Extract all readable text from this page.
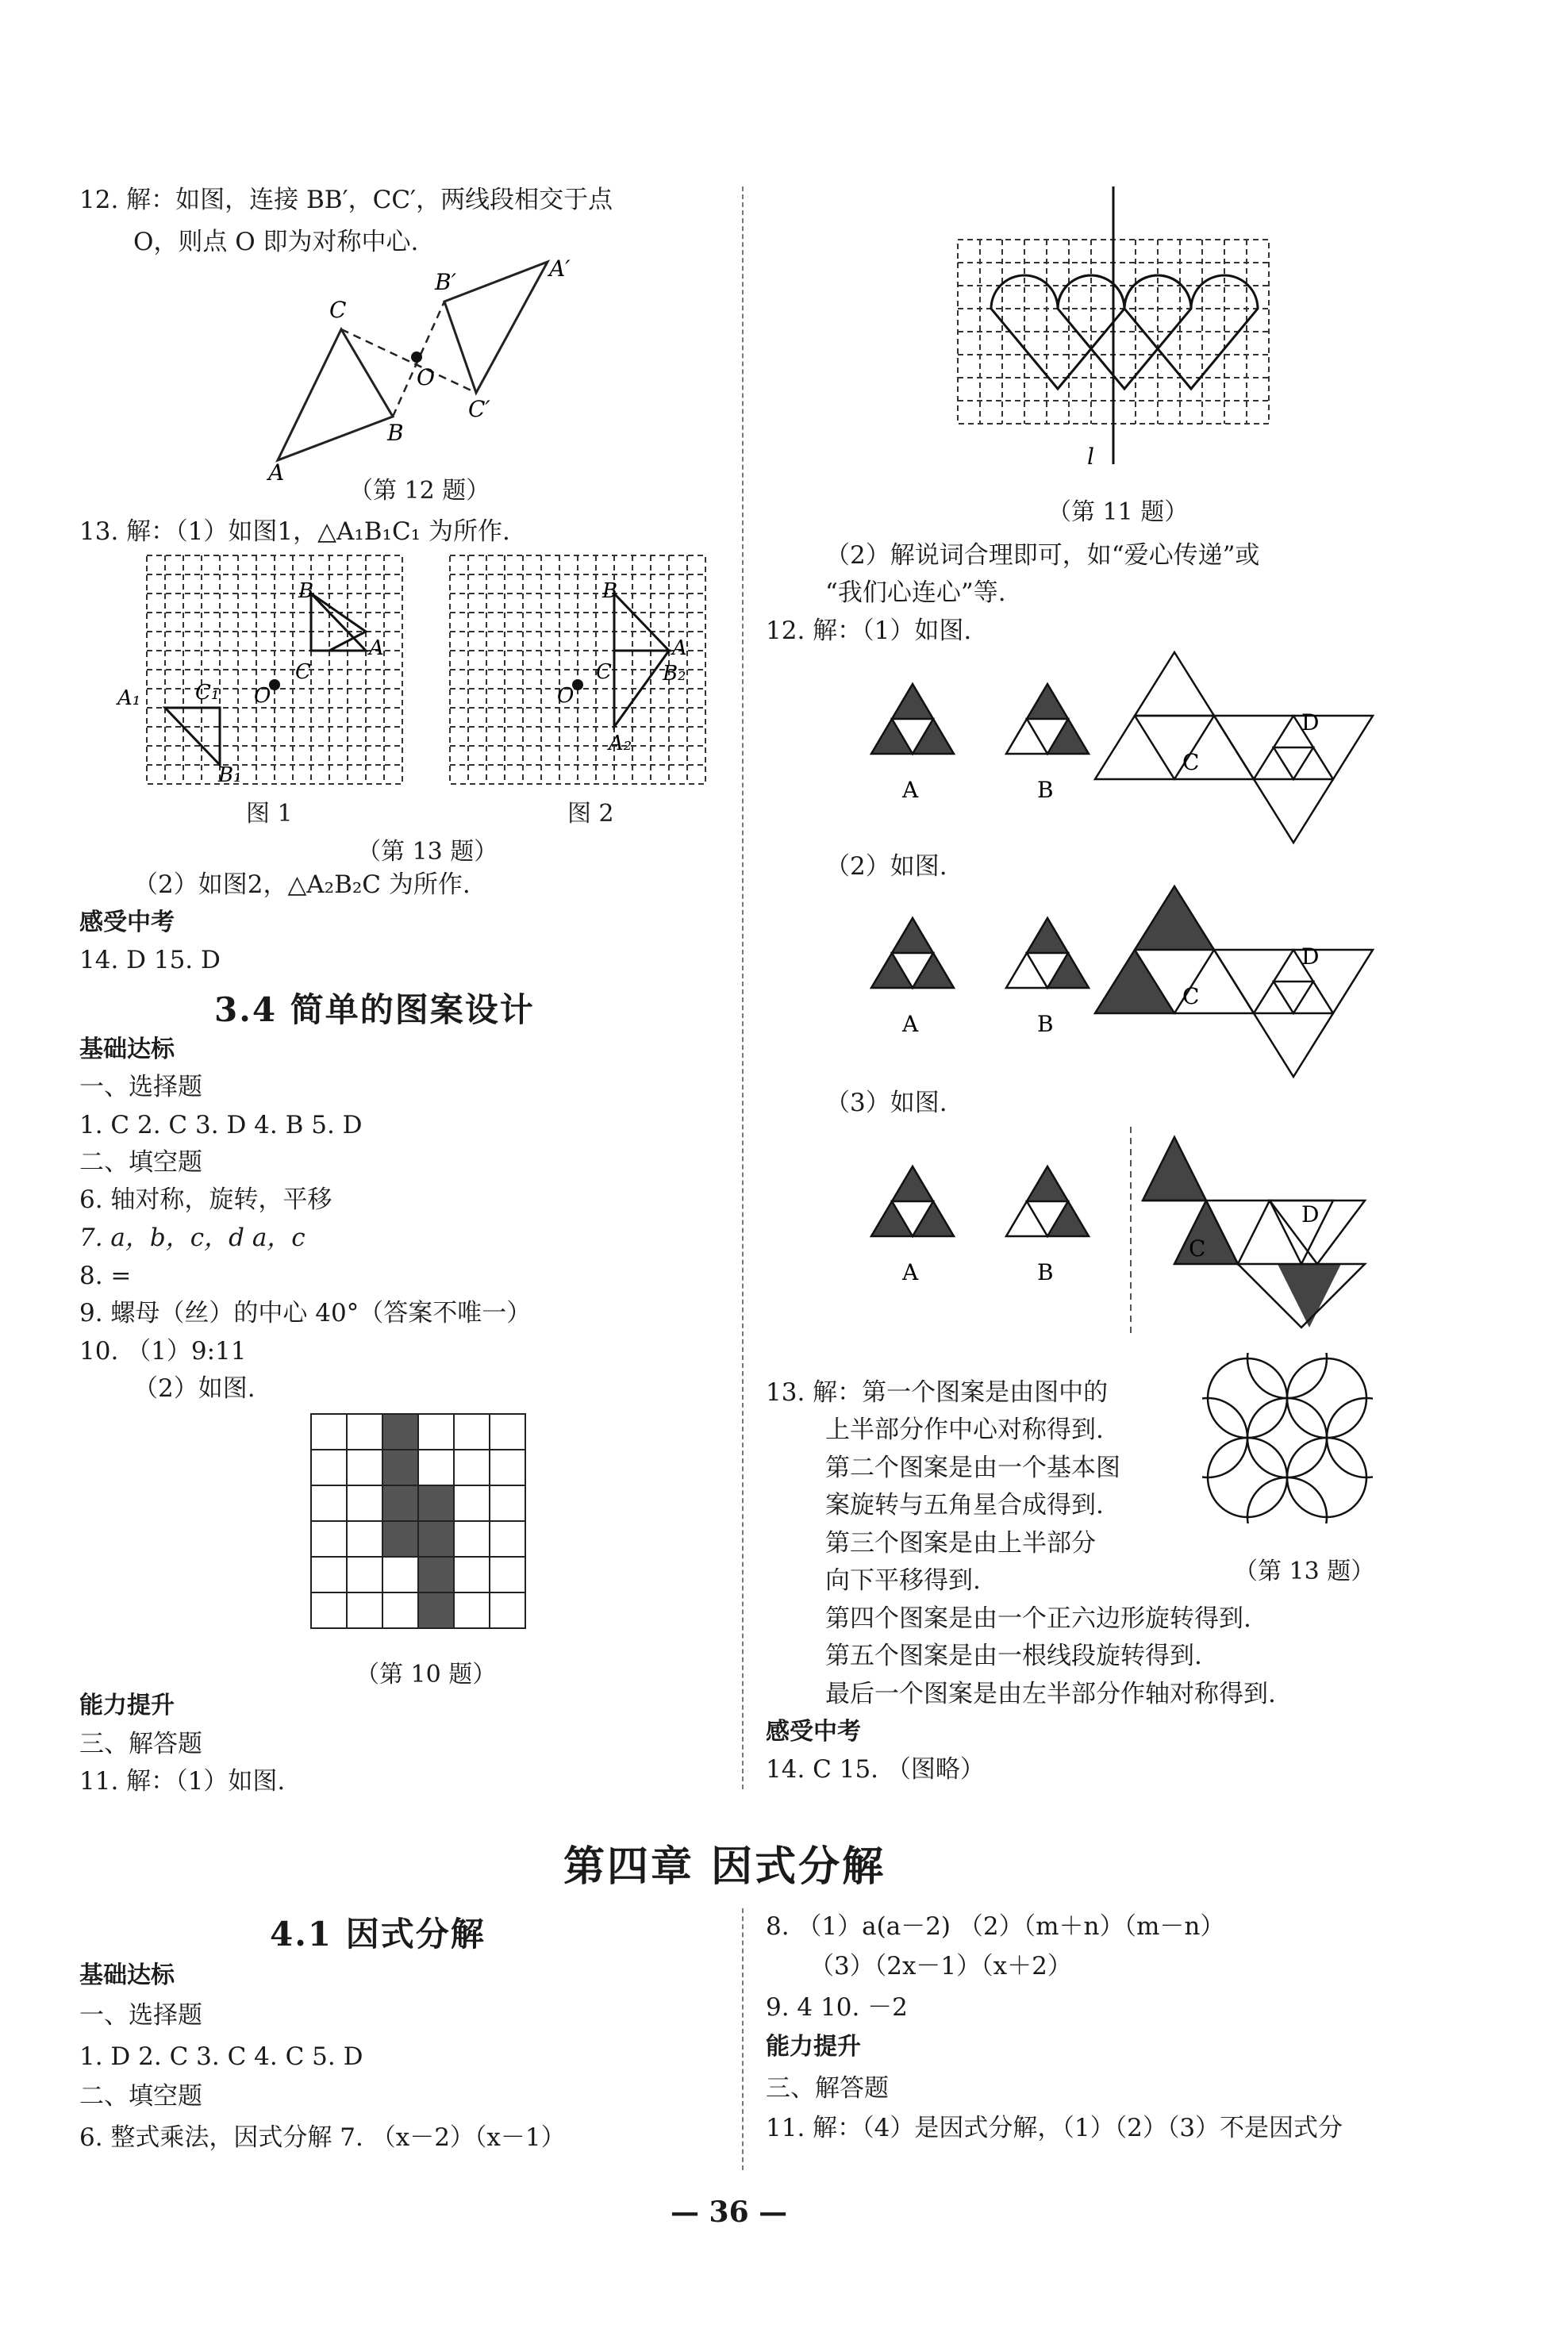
12. 解：如图，连接 BB′，CC′，两线段相交于点
O，则点 O 即为对称中心.
A
C
B
O
B′
A′
C′
（第 12 题）
13. 解：（1）如图1，△A₁B₁C₁ 为所作.
B
A
C
O
A₁	C₁
B₁
B
A
C
O
B₂
A₂
图 1	图 2
（第 13 题）
（2）如图2，△A₂B₂C 为所作.
感受中考
14. D 15. D
3.4 简单的图案设计
基础达标
一、选择题
1. C 2. C 3. D 4. B 5. D
二、填空题
6. 轴对称，旋转，平移
7. a，b，c，d a，c
8. =
9. 螺母（丝）的中心 40°（答案不唯一）
10. （1）9:11
（2）如图.
（第 10 题）
能力提升
三、解答题
11. 解：（1）如图.
l
（第 11 题）
（2）解说词合理即可，如“爱心传递”或
“我们心连心”等.
12. 解：（1）如图.
A	B
C
D
（2）如图.
A	B
C
D
（3）如图.
A	B
C
D
13. 解：第一个图案是由图中的
上半部分作中心对称得到.
第二个图案是由一个基本图
案旋转与五角星合成得到.
第三个图案是由上半部分
向下平移得到.	（第 13 题）
第四个图案是由一个正六边形旋转得到.
第五个图案是由一根线段旋转得到.
最后一个图案是由左半部分作轴对称得到.
感受中考
14. C 15. （图略）
第四章 因式分解
4.1 因式分解
基础达标
一、选择题
1. D 2. C 3. C 4. C 5. D
二、填空题
6. 整式乘法，因式分解 7. （x－2）（x－1）
8. （1）a(a－2) （2）（m＋n）（m－n）
（3）（2x－1）（x＋2）
9. 4 10. －2
能力提升
三、解答题
11. 解：（4）是因式分解，（1）（2）（3）不是因式分
— 36 —
